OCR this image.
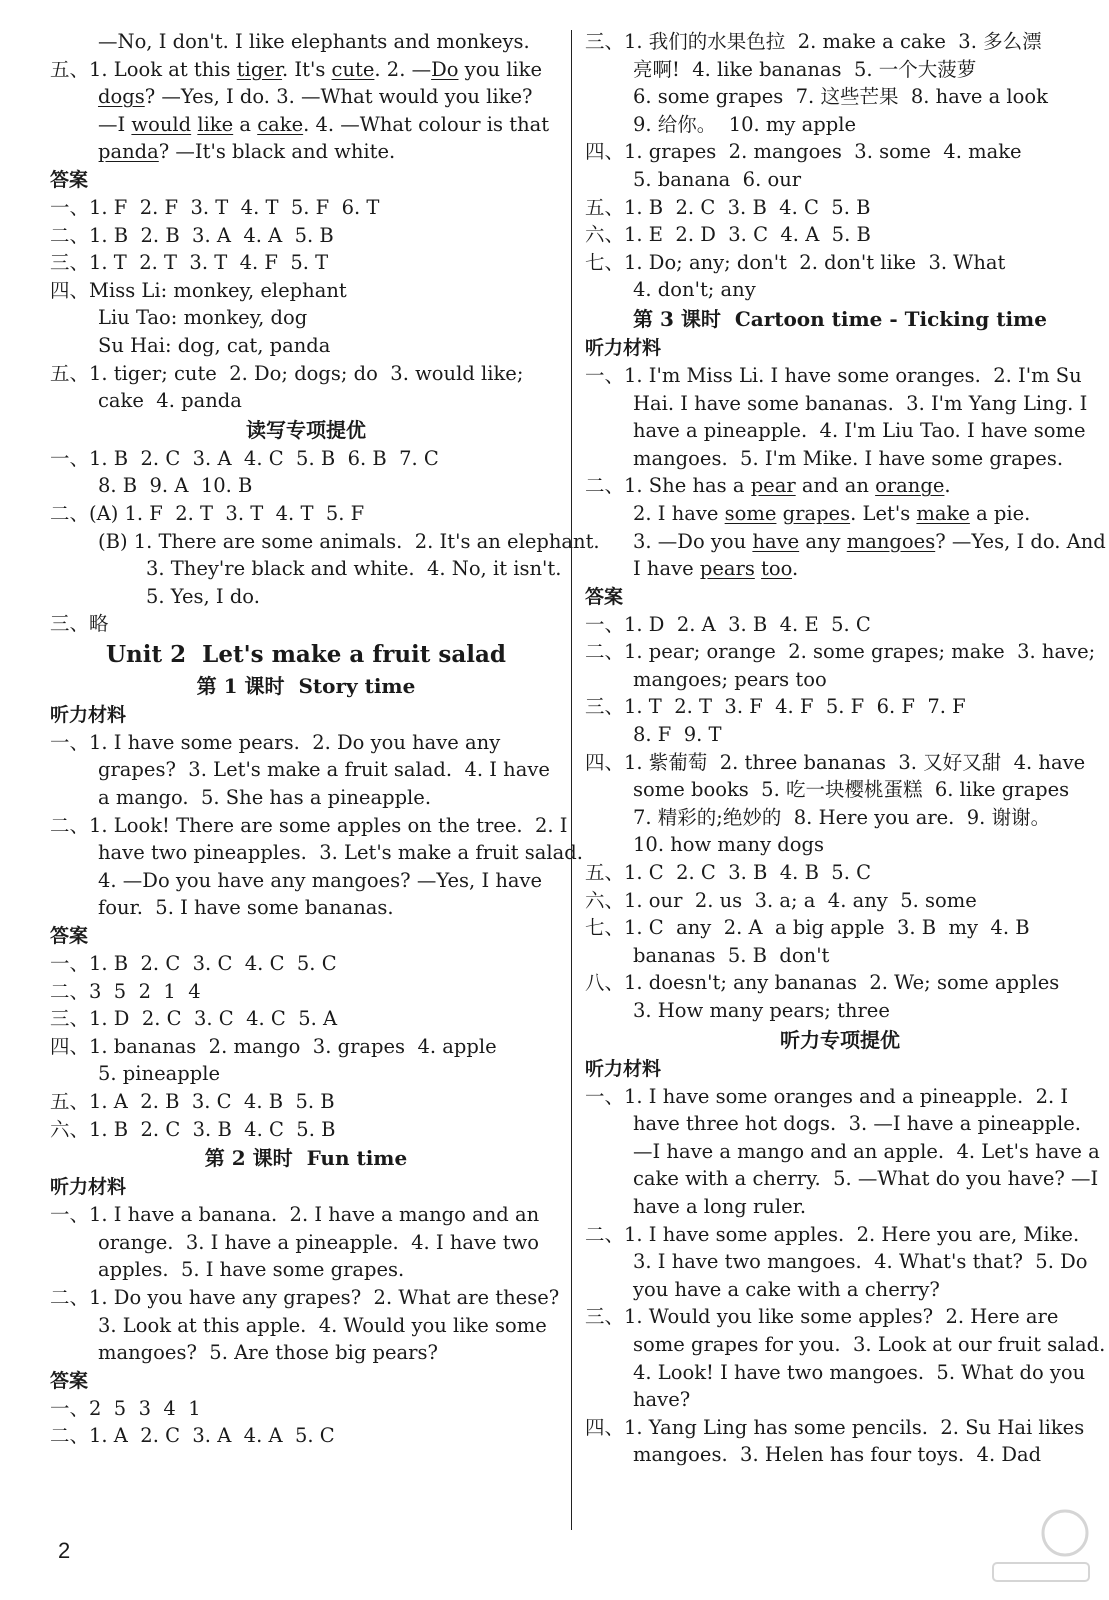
—No, I don't. I like elephants and monkeys.
五、1. Look at this tiger. It's cute. 2. —Do you like
dogs? —Yes, I do. 3. —What would you like?
—I would like a cake. 4. —What colour is that
panda? —It's black and white.
答案
一、1. F  2. F  3. T  4. T  5. F  6. T
二、1. B  2. B  3. A  4. A  5. B
三、1. T  2. T  3. T  4. F  5. T
四、Miss Li: monkey, elephant
Liu Tao: monkey, dog
Su Hai: dog, cat, panda
五、1. tiger; cute  2. Do; dogs; do  3. would like;
cake  4. panda
读写专项提优
一、1. B  2. C  3. A  4. C  5. B  6. B  7. C
8. B  9. A  10. B
二、(A) 1. F  2. T  3. T  4. T  5. F
(B) 1. There are some animals.  2. It's an elephant.
3. They're black and white.  4. No, it isn't.
5. Yes, I do.
三、略
Unit 2  Let's make a fruit salad
第 1 课时  Story time
听力材料
一、1. I have some pears.  2. Do you have any
grapes?  3. Let's make a fruit salad.  4. I have
a mango.  5. She has a pineapple.
二、1. Look! There are some apples on the tree.  2. I
have two pineapples.  3. Let's make a fruit salad.
4. —Do you have any mangoes? —Yes, I have
four.  5. I have some bananas.
答案
一、1. B  2. C  3. C  4. C  5. C
二、3  5  2  1  4
三、1. D  2. C  3. C  4. C  5. A
四、1. bananas  2. mango  3. grapes  4. apple
5. pineapple
五、1. A  2. B  3. C  4. B  5. B
六、1. B  2. C  3. B  4. C  5. B
第 2 课时  Fun time
听力材料
一、1. I have a banana.  2. I have a mango and an
orange.  3. I have a pineapple.  4. I have two
apples.  5. I have some grapes.
二、1. Do you have any grapes?  2. What are these?
3. Look at this apple.  4. Would you like some
mangoes?  5. Are those big pears?
答案
一、2  5  3  4  1
二、1. A  2. C  3. A  4. A  5. C
三、1. 我们的水果色拉  2. make a cake  3. 多么漂
亮啊!  4. like bananas  5. 一个大菠萝
6. some grapes  7. 这些芒果  8. have a look
9. 给你。  10. my apple
四、1. grapes  2. mangoes  3. some  4. make
5. banana  6. our
五、1. B  2. C  3. B  4. C  5. B
六、1. E  2. D  3. C  4. A  5. B
七、1. Do; any; don't  2. don't like  3. What
4. don't; any
第 3 课时  Cartoon time - Ticking time
听力材料
一、1. I'm Miss Li. I have some oranges.  2. I'm Su
Hai. I have some bananas.  3. I'm Yang Ling. I
have a pineapple.  4. I'm Liu Tao. I have some
mangoes.  5. I'm Mike. I have some grapes.
二、1. She has a pear and an orange.
2. I have some grapes. Let's make a pie.
3. —Do you have any mangoes? —Yes, I do. And
I have pears too.
答案
一、1. D  2. A  3. B  4. E  5. C
二、1. pear; orange  2. some grapes; make  3. have;
mangoes; pears too
三、1. T  2. T  3. F  4. F  5. F  6. F  7. F
8. F  9. T
四、1. 紫葡萄  2. three bananas  3. 又好又甜  4. have
some books  5. 吃一块樱桃蛋糕  6. like grapes
7. 精彩的;绝妙的  8. Here you are.  9. 谢谢。
10. how many dogs
五、1. C  2. C  3. B  4. B  5. C
六、1. our  2. us  3. a; a  4. any  5. some
七、1. C  any  2. A  a big apple  3. B  my  4. B
bananas  5. B  don't
八、1. doesn't; any bananas  2. We; some apples
3. How many pears; three
听力专项提优
听力材料
一、1. I have some oranges and a pineapple.  2. I
have three hot dogs.  3. —I have a pineapple.
—I have a mango and an apple.  4. Let's have a
cake with a cherry.  5. —What do you have? —I
have a long ruler.
二、1. I have some apples.  2. Here you are, Mike.
3. I have two mangoes.  4. What's that?  5. Do
you have a cake with a cherry?
三、1. Would you like some apples?  2. Here are
some grapes for you.  3. Look at our fruit salad.
4. Look! I have two mangoes.  5. What do you
have?
四、1. Yang Ling has some pencils.  2. Su Hai likes
mangoes.  3. Helen has four toys.  4. Dad
2
